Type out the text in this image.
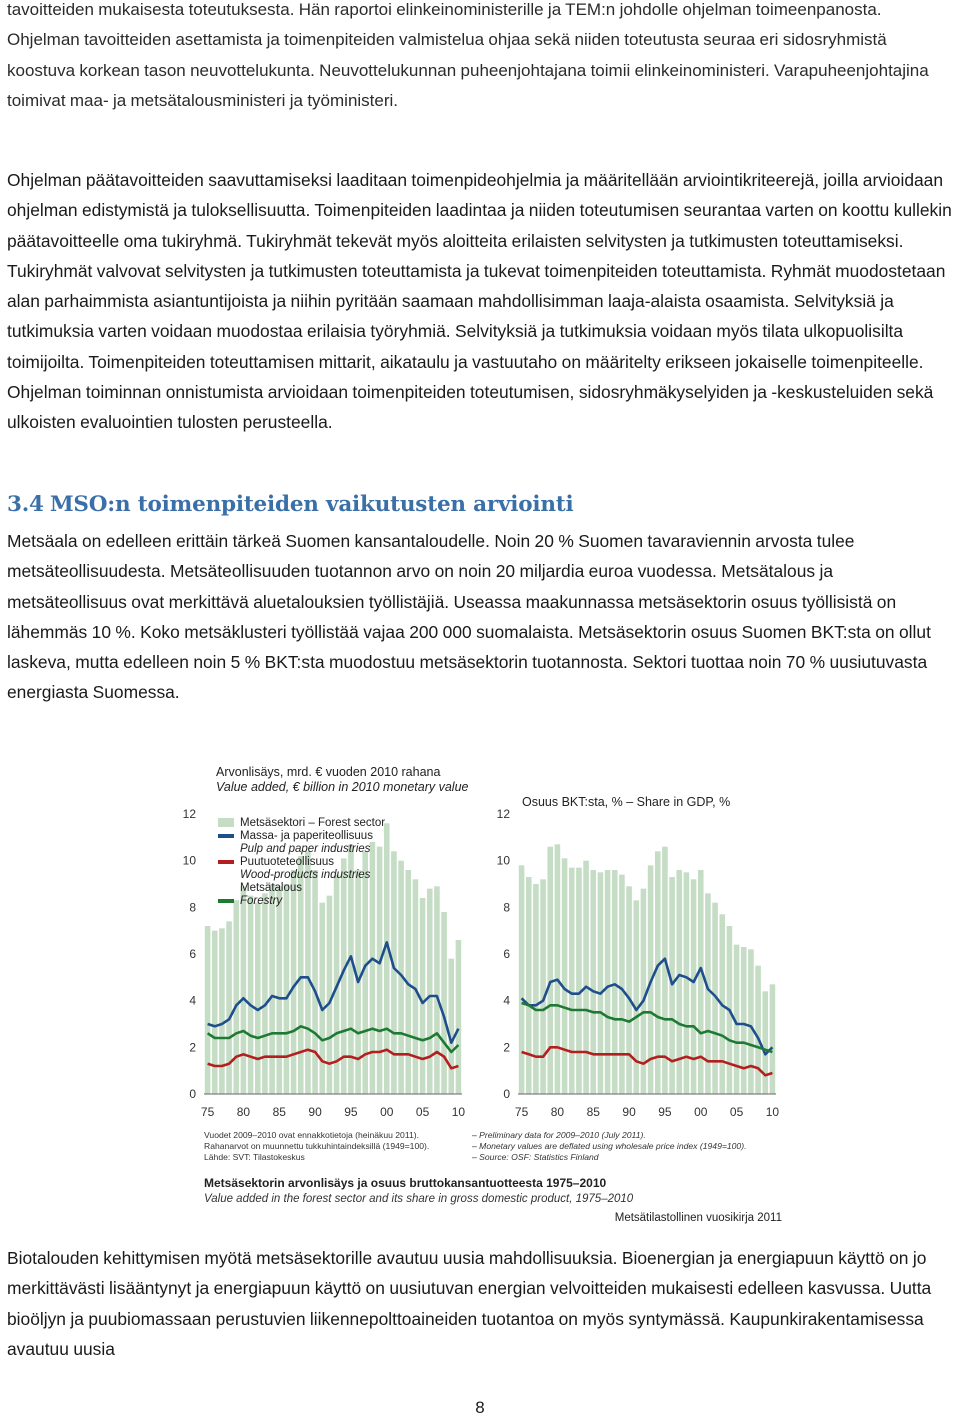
tavoitteiden mukaisesta toteutuksesta. Hän raportoi elinkeinoministerille ja TEM:n johdolle ohjelman toimeenpanosta. Ohjelman tavoitteiden asettamista ja toimenpiteiden valmistelua ohjaa sekä niiden toteutusta seuraa eri sidosryhmistä koostuva korkean tason neuvottelukunta. Neuvottelukunnan puheenjohtajana toimii elinkeinoministeri. Varapuheenjohtajina toimivat maa- ja metsätalousministeri ja työministeri.

Ohjelman päätavoitteiden saavuttamiseksi laaditaan toimenpideohjelmia ja määritellään arviointikriteerejä, joilla arvioidaan ohjelman edistymistä ja tuloksellisuutta. Toimenpiteiden laadintaa ja niiden toteutumisen seurantaa varten on koottu kullekin päätavoitteelle oma tukiryhmä. Tukiryhmät tekevät myös aloitteita erilaisten selvitysten ja tutkimusten toteuttamiseksi. Tukiryhmät valvovat selvitysten ja tutkimusten toteuttamista ja tukevat toimenpiteiden toteuttamista. Ryhmät muodostetaan alan parhaimmista asiantuntijoista ja niihin pyritään saamaan mahdollisimman laaja-alaista osaamista. Selvityksiä ja tutkimuksia varten voidaan muodostaa erilaisia työryhmiä. Selvityksiä ja tutkimuksia voidaan myös tilata ulkopuolisilta toimijoilta. Toimenpiteiden toteuttamisen mittarit, aikataulu ja vastuutaho on määritelty erikseen jokaiselle toimenpiteelle. Ohjelman toiminnan onnistumista arvioidaan toimenpiteiden toteutumisen, sidosryhmäkyselyiden ja -keskusteluiden sekä ulkoisten evaluointien tulosten perusteella.

3.4 MSO:n toimenpiteiden vaikutusten arviointi

Metsäala on edelleen erittäin tärkeä Suomen kansantaloudelle. Noin 20 % Suomen tavaraviennin arvosta tulee metsäteollisuudesta. Metsäteollisuuden tuotannon arvo on noin 20 miljardia euroa vuodessa. Metsätalous ja metsäteollisuus ovat merkittävä aluetalouksien työllistäjiä. Useassa maakunnassa metsäsektorin osuus työllisistä on lähemmäs 10 %. Koko metsäklusteri työllistää vajaa 200 000 suomalaista. Metsäsektorin osuus Suomen BKT:sta on ollut laskeva, mutta edelleen noin 5 % BKT:sta muodostuu metsäsektorin tuotannosta. Sektori tuottaa noin 70 % uusiutuvasta energiasta Suomessa.

0
2
4
6
8
10
12
75 80 85 90 95 00 05 10
Arvonlisäys, mrd. € vuoden 2010 rahana
Value added, € billion in 2010 monetary value
Metsäsektori – Forest sector
Massa- ja paperiteollisuus
Pulp and paper industries
Puutuoteteollisuus
Wood-products industries
Metsätalous
Forestry
0
2
4
6
8
10
12
75 80 85 90 95 00 05 10
Osuus BKT:sta, % – Share in GDP, %
Vuodet 2009–2010 ovat ennakkotietoja (heinäkuu 2011).
Rahanarvot on muunnettu tukkuhintaindeksillä (1949=100).
Lähde: SVT: Tilastokeskus
– Preliminary data for 2009–2010 (July 2011).
– Monetary values are deflated using wholesale price index (1949=100).
– Source: OSF: Statistics Finland
Metsäsektorin arvonlisäys ja osuus bruttokansantuotteesta 1975–2010
Value added in the forest sector and its share in gross domestic product, 1975–2010
Metsätilastollinen vuosikirja 2011

Biotalouden kehittymisen myötä metsäsektorille avautuu uusia mahdollisuuksia. Bioenergian ja energiapuun käyttö on jo merkittävästi lisääntynyt ja energiapuun käyttö on uusiutuvan energian velvoitteiden mukaisesti edelleen kasvussa. Uutta bioöljyn ja puubiomassaan perustuvien liikennepolttoaineiden tuotantoa on myös syntymässä. Kaupunkirakentamisessa avautuu uusia

8
